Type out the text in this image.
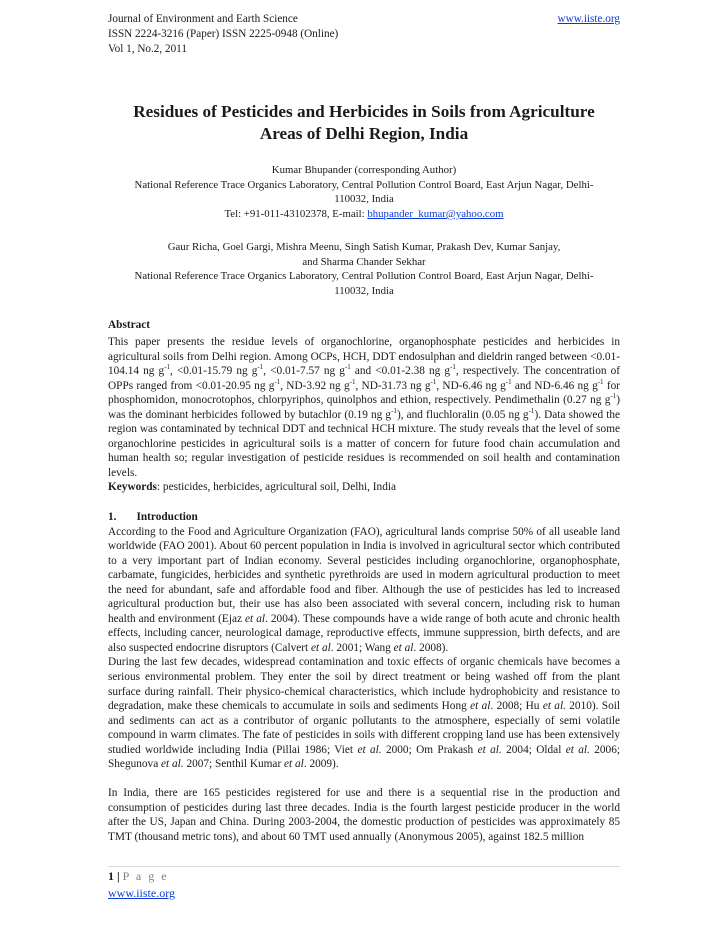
Journal of Environment and Earth Science	www.iiste.org
ISSN 2224-3216 (Paper) ISSN 2225-0948 (Online)
Vol 1, No.2, 2011
Residues of Pesticides and Herbicides in Soils from Agriculture
Areas of Delhi Region, India
Kumar Bhupander (corresponding Author)
National Reference Trace Organics Laboratory, Central Pollution Control Board, East Arjun Nagar, Delhi-
110032, India
Tel: +91-011-43102378, E-mail: bhupander_kumar@yahoo.com
Gaur Richa, Goel Gargi, Mishra Meenu, Singh Satish Kumar, Prakash Dev, Kumar Sanjay,
and Sharma Chander Sekhar
National Reference Trace Organics Laboratory, Central Pollution Control Board, East Arjun Nagar, Delhi-
110032, India
Abstract

This paper presents the residue levels of organochlorine, organophosphate pesticides and herbicides in agricultural soils from Delhi region. Among OCPs, HCH, DDT endosulphan and dieldrin ranged between <0.01-104.14 ng $g^{-1}$, <0.01-15.79 ng $g^{-1}$, <0.01-7.57 ng $g^{-1}$ and <0.01-2.38 ng $g^{-1}$, respectively. The concentration of OPPs ranged from <0.01-20.95 ng $g^{-1}$, ND-3.92 ng $g^{-1}$, ND-31.73 ng $g^{-1}$, ND-6.46 ng $g^{-1}$ and ND-6.46 ng $g^{-1}$ for phosphomidon, monocrotophos, chlorpyriphos, quinolphos and ethion, respectively. Pendimethalin (0.27 ng $g^{-1}$) was the dominant herbicides followed by butachlor (0.19 ng $g^{-1}$), and fluchloralin (0.05 ng $g^{-1}$). Data showed the region was contaminated by technical DDT and technical HCH mixture. The study reveals that the level of some organochlorine pesticides in agricultural soils is a matter of concern for future food chain accumulation and human health so; regular investigation of pesticide residues is recommended on soil health and contamination levels.

Keywords: pesticides, herbicides, agricultural soil, Delhi, India

1. Introduction

According to the Food and Agriculture Organization (FAO), agricultural lands comprise 50% of all useable land worldwide (FAO 2001). About 60 percent population in India is involved in agricultural sector which contributed to a very important part of Indian economy. Several pesticides including organochlorine, organophosphate, carbamate, fungicides, herbicides and synthetic pyrethroids are used in modern agricultural production to meet the need for abundant, safe and affordable food and fiber. Although the use of pesticides has led to increased agricultural production but, their use has also been associated with several concern, including risk to human health and environment (Ejaz et al. 2004). These compounds have a wide range of both acute and chronic health effects, including cancer, neurological damage, reproductive effects, immune suppression, birth defects, and are also suspected endocrine disruptors (Calvert et al. 2001; Wang et al. 2008).

During the last few decades, widespread contamination and toxic effects of organic chemicals have becomes a serious environmental problem. They enter the soil by direct treatment or being washed off from the plant surface during rainfall. Their physico-chemical characteristics, which include hydrophobicity and resistance to degradation, make these chemicals to accumulate in soils and sediments Hong et al. 2008; Hu et al. 2010). Soil and sediments can act as a contributor of organic pollutants to the atmosphere, especially of semi volatile compound in warm climates. The fate of pesticides in soils with different cropping land use has been extensively studied worldwide including India (Pillai 1986; Viet et al. 2000; Om Prakash et al. 2004; Oldal et al. 2006; Shegunova et al. 2007; Senthil Kumar et al. 2009).

In India, there are 165 pesticides registered for use and there is a sequential rise in the production and consumption of pesticides during last three decades. India is the fourth largest pesticide producer in the world after the US, Japan and China. During 2003-2004, the domestic production of pesticides was approximately 85 TMT (thousand metric tons), and about 60 TMT used annually (Anonymous 2005), against 182.5 million

1 | P a g e
www.iiste.org
